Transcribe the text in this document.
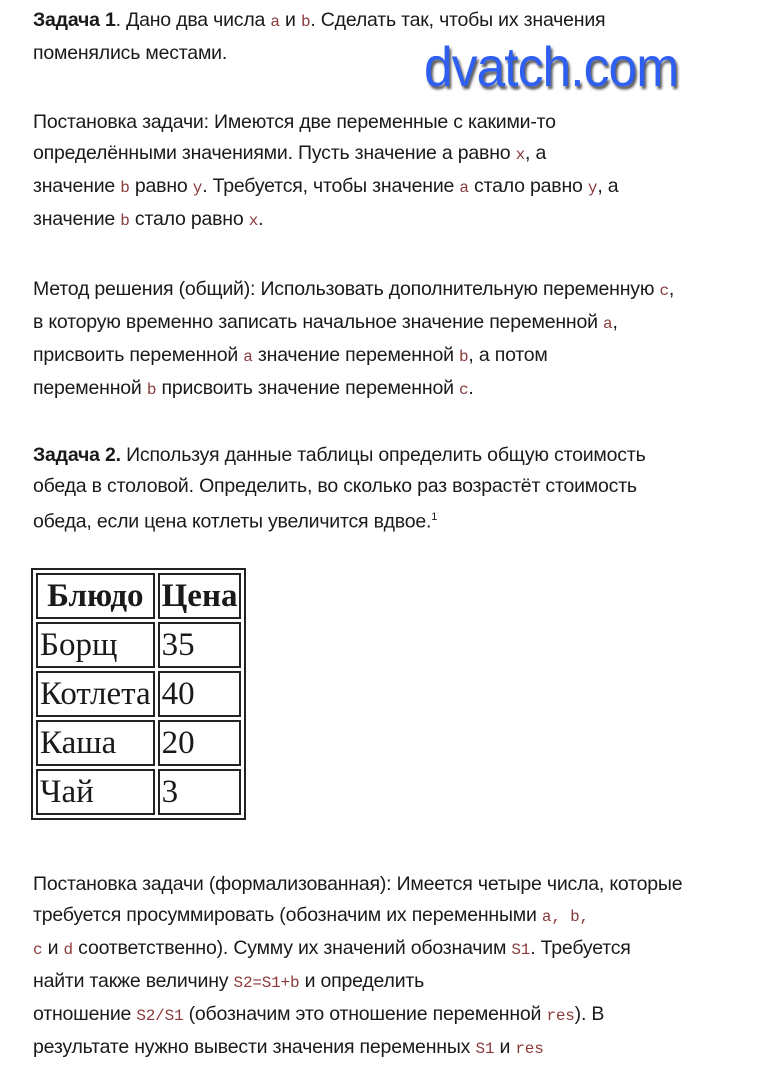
Задача 1. Дано два числа a и b. Сделать так, чтобы их значения
поменялись местами.
Постановка задачи: Имеются две переменные с какими-то
определёнными значениями. Пусть значение a равно x, а
значение b равно y. Требуется, чтобы значение a стало равно y, а
значение b стало равно x.
Метод решения (общий): Использовать дополнительную переменную c,
в которую временно записать начальное значение переменной a,
присвоить переменной a значение переменной b, а потом
переменной b присвоить значение переменной c.
Задача 2. Используя данные таблицы определить общую стоимость
обеда в столовой. Определить, во сколько раз возрастёт стоимость
обеда, если цена котлеты увеличится вдвое.$^1$
Блюдо	Цена
Борщ	35
Котлета	40
Каша	20
Чай	3
Постановка задачи (формализованная): Имеется четыре числа, которые
требуется просуммировать (обозначим их переменными a, b,
c и d соответственно). Сумму их значений обозначим S1. Требуется
найти также величину S2=S1+b и определить
отношение S2/S1 (обозначим это отношение переменной res). В
результате нужно вывести значения переменных S1 и res
dvatch.com
